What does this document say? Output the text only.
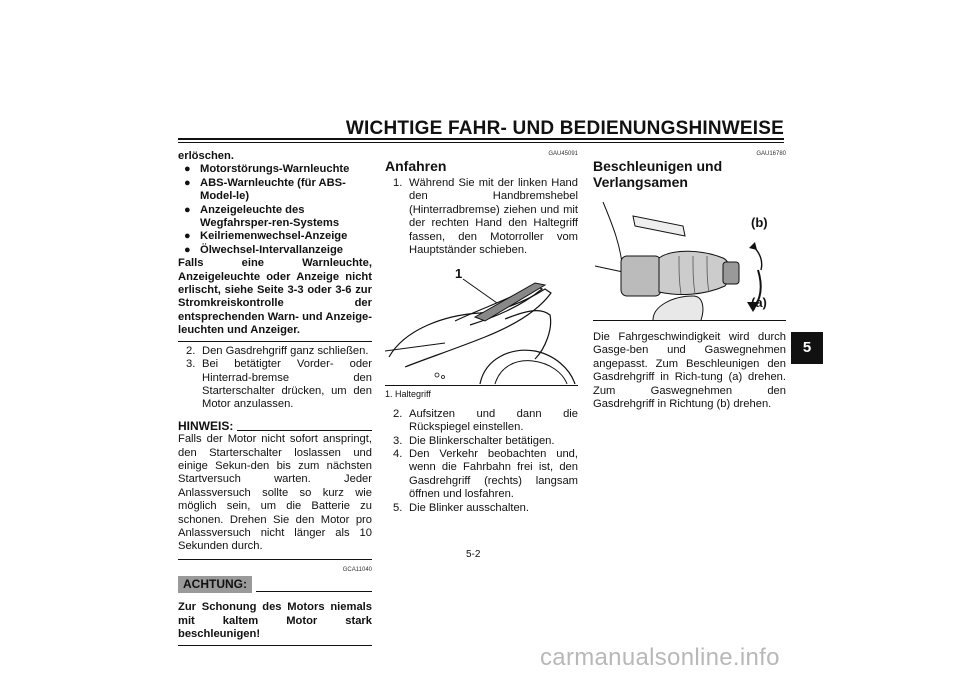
WICHTIGE FAHR- UND BEDIENUNGSHINWEISE
5
erlöschen.
● Motorstörungs-Warnleuchte
● ABS-Warnleuchte (für ABS-Model-le)
● Anzeigeleuchte des Wegfahrsper-ren-Systems
● Keilriemenwechsel-Anzeige
● Ölwechsel-Intervallanzeige
Falls eine Warnleuchte, Anzeigeleuchte oder Anzeige nicht erlischt, siehe Seite 3-3 oder 3-6 zur Stromkreiskontrolle der entsprechenden Warn- und Anzeige-leuchten und Anzeiger.
2. Den Gasdrehgriff ganz schließen.
3. Bei betätigter Vorder- oder Hinterrad-bremse den Starterschalter drücken, um den Motor anzulassen.
HINWEIS:
Falls der Motor nicht sofort anspringt, den Starterschalter loslassen und einige Sekun-den bis zum nächsten Startversuch warten. Jeder Anlassversuch sollte so kurz wie möglich sein, um die Batterie zu schonen. Drehen Sie den Motor pro Anlassversuch nicht länger als 10 Sekunden durch.
GCA11040
ACHTUNG:
Zur Schonung des Motors niemals mit kaltem Motor stark beschleunigen!
GAU45091
Anfahren
1. Während Sie mit der linken Hand den Handbremshebel (Hinterradbremse) ziehen und mit der rechten Hand den Haltegriff fassen, den Motorroller vom Hauptständer schieben.
1
1. Haltegriff
2. Aufsitzen und dann die Rückspiegel einstellen.
3. Die Blinkerschalter betätigen.
4. Den Verkehr beobachten und, wenn die Fahrbahn frei ist, den Gasdrehgriff (rechts) langsam öffnen und losfahren.
5. Die Blinker ausschalten.
GAU16780
Beschleunigen und Verlangsamen
(b)
(a)
Die Fahrgeschwindigkeit wird durch Gasge-ben und Gaswegnehmen angepasst. Zum Beschleunigen den Gasdrehgriff in Rich-tung (a) drehen. Zum Gaswegnehmen den Gasdrehgriff in Richtung (b) drehen.
5-2
carmanualsonline.info
